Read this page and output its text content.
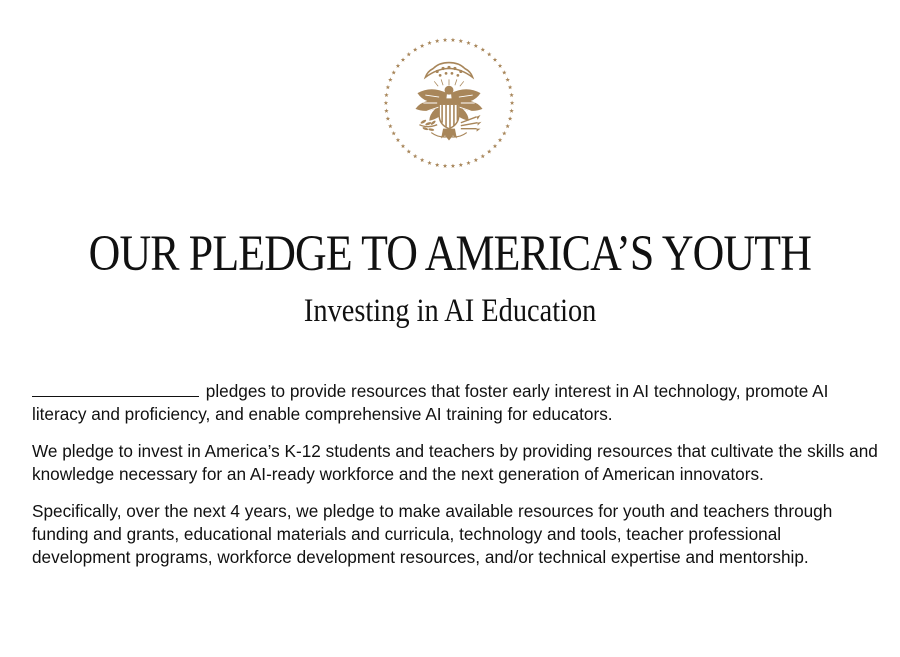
OUR PLEDGE TO AMERICA’S YOUTH
Investing in AI Education

pledges to provide resources that foster early interest in AI technology, promote AI literacy and proficiency, and enable comprehensive AI training for educators.

We pledge to invest in America’s K-12 students and teachers by providing resources that cultivate the skills and knowledge necessary for an AI-ready workforce and the next generation of American innovators.

Specifically, over the next 4 years, we pledge to make available resources for youth and teachers through funding and grants, educational materials and curricula, technology and tools, teacher professional development programs, workforce development resources, and/or technical expertise and mentorship.
